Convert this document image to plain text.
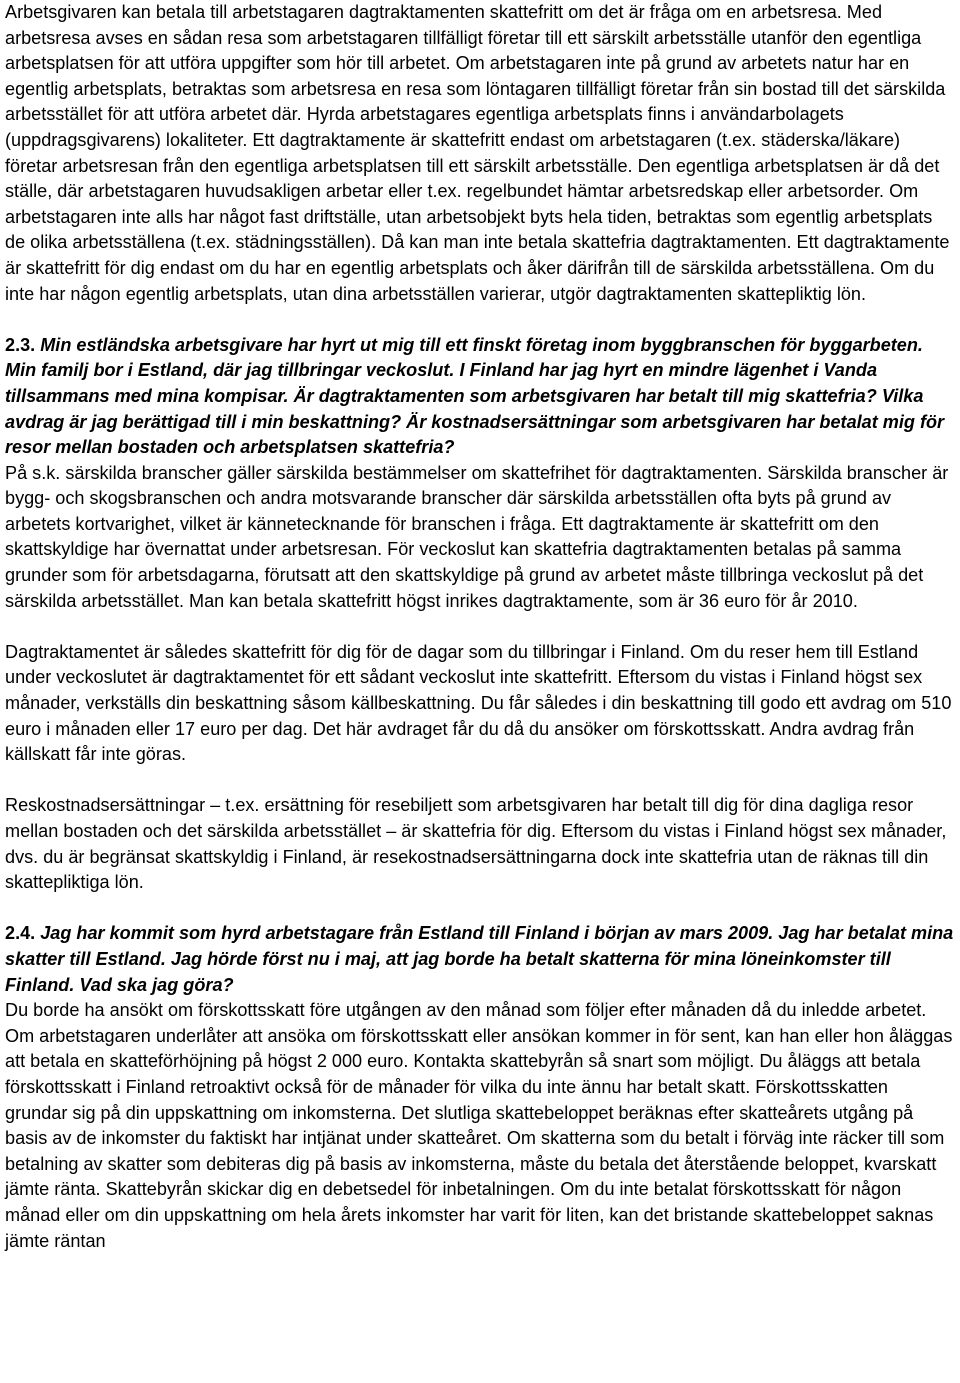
Arbetsgivaren kan betala till arbetstagaren dagtraktamenten skattefritt om det är fråga om en arbetsresa. Med arbetsresa avses en sådan resa som arbetstagaren tillfälligt företar till ett särskilt arbetsställe utanför den egentliga arbetsplatsen för att utföra uppgifter som hör till arbetet. Om arbetstagaren inte på grund av arbetets natur har en egentlig arbetsplats, betraktas som arbetsresa en resa som löntagaren tillfälligt företar från sin bostad till det särskilda arbetsstället för att utföra arbetet där. Hyrda arbetstagares egentliga arbetsplats finns i användarbolagets (uppdragsgivarens) lokaliteter. Ett dagtraktamente är skattefritt endast om arbetstagaren (t.ex. städerska/läkare) företar arbetsresan från den egentliga arbetsplatsen till ett särskilt arbetsställe. Den egentliga arbetsplatsen är då det ställe, där arbetstagaren huvudsakligen arbetar eller t.ex. regelbundet hämtar arbetsredskap eller arbetsorder. Om arbetstagaren inte alls har något fast driftställe, utan arbetsobjekt byts hela tiden, betraktas som egentlig arbetsplats de olika arbetsställena (t.ex. städningsställen). Då kan man inte betala skattefria dagtraktamenten. Ett dagtraktamente är skattefritt för dig endast om du har en egentlig arbetsplats och åker därifrån till de särskilda arbetsställena. Om du inte har någon egentlig arbetsplats, utan dina arbetsställen varierar, utgör dagtraktamenten skattepliktig lön.

2.3. Min estländska arbetsgivare har hyrt ut mig till ett finskt företag inom byggbranschen för byggarbeten. Min familj bor i Estland, där jag tillbringar veckoslut. I Finland har jag hyrt en mindre lägenhet i Vanda tillsammans med mina kompisar. Är dagtraktamenten som arbetsgivaren har betalt till mig skattefria? Vilka avdrag är jag berättigad till i min beskattning? Är kostnadsersättningar som arbetsgivaren har betalat mig för resor mellan bostaden och arbetsplatsen skattefria?

På s.k. särskilda branscher gäller särskilda bestämmelser om skattefrihet för dagtraktamenten. Särskilda branscher är bygg- och skogsbranschen och andra motsvarande branscher där särskilda arbetsställen ofta byts på grund av arbetets kortvarighet, vilket är kännetecknande för branschen i fråga. Ett dagtraktamente är skattefritt om den skattskyldige har övernattat under arbetsresan. För veckoslut kan skattefria dagtraktamenten betalas på samma grunder som för arbetsdagarna, förutsatt att den skattskyldige på grund av arbetet måste tillbringa veckoslut på det särskilda arbetsstället. Man kan betala skattefritt högst inrikes dagtraktamente, som är 36 euro för år 2010.

Dagtraktamentet är således skattefritt för dig för de dagar som du tillbringar i Finland. Om du reser hem till Estland under veckoslutet är dagtraktamentet för ett sådant veckoslut inte skattefritt. Eftersom du vistas i Finland högst sex månader, verkställs din beskattning såsom källbeskattning. Du får således i din beskattning till godo ett avdrag om 510 euro i månaden eller 17 euro per dag. Det här avdraget får du då du ansöker om förskottsskatt. Andra avdrag från källskatt får inte göras.

Reskostnadsersättningar – t.ex. ersättning för resebiljett som arbetsgivaren har betalt till dig för dina dagliga resor mellan bostaden och det särskilda arbetsstället – är skattefria för dig. Eftersom du vistas i Finland högst sex månader, dvs. du är begränsat skattskyldig i Finland, är resekostnadsersättningarna dock inte skattefria utan de räknas till din skattepliktiga lön.

2.4. Jag har kommit som hyrd arbetstagare från Estland till Finland i början av mars 2009. Jag har betalat mina skatter till Estland. Jag hörde först nu i maj, att jag borde ha betalt skatterna för mina löneinkomster till Finland. Vad ska jag göra?

Du borde ha ansökt om förskottsskatt före utgången av den månad som följer efter månaden då du inledde arbetet. Om arbetstagaren underlåter att ansöka om förskottsskatt eller ansökan kommer in för sent, kan han eller hon åläggas att betala en skatteförhöjning på högst 2 000 euro. Kontakta skattebyrån så snart som möjligt. Du åläggs att betala förskottsskatt i Finland retroaktivt också för de månader för vilka du inte ännu har betalt skatt. Förskottsskatten grundar sig på din uppskattning om inkomsterna. Det slutliga skattebeloppet beräknas efter skatteårets utgång på basis av de inkomster du faktiskt har intjänat under skatteåret. Om skatterna som du betalt i förväg inte räcker till som betalning av skatter som debiteras dig på basis av inkomsterna, måste du betala det återstående beloppet, kvarskatt jämte ränta. Skattebyrån skickar dig en debetsedel för inbetalningen. Om du inte betalat förskottsskatt för någon månad eller om din uppskattning om hela årets inkomster har varit för liten, kan det bristande skattebeloppet saknas jämte räntan
